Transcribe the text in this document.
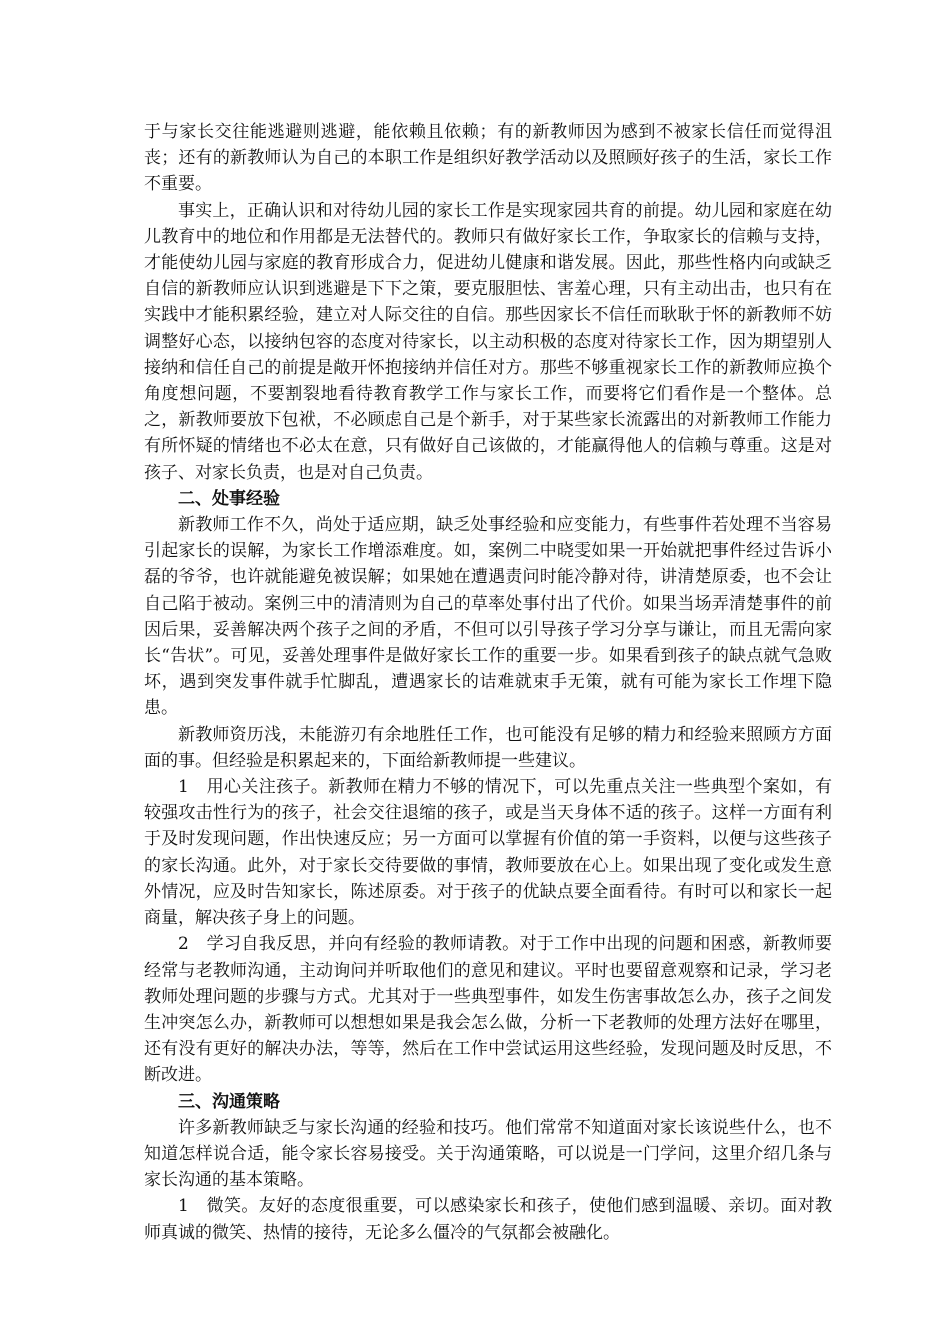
于与家长交往能逃避则逃避，能依赖且依赖；有的新教师因为感到不被家长信任而觉得沮丧；还有的新教师认为自己的本职工作是组织好教学活动以及照顾好孩子的生活，家长工作不重要。

事实上，正确认识和对待幼儿园的家长工作是实现家园共育的前提。幼儿园和家庭在幼儿教育中的地位和作用都是无法替代的。教师只有做好家长工作，争取家长的信赖与支持，才能使幼儿园与家庭的教育形成合力，促进幼儿健康和谐发展。因此，那些性格内向或缺乏自信的新教师应认识到逃避是下下之策，要克服胆怯、害羞心理，只有主动出击，也只有在实践中才能积累经验，建立对人际交往的自信。那些因家长不信任而耿耿于怀的新教师不妨调整好心态，以接纳包容的态度对待家长，以主动积极的态度对待家长工作，因为期望别人接纳和信任自己的前提是敞开怀抱接纳并信任对方。那些不够重视家长工作的新教师应换个角度想问题，不要割裂地看待教育教学工作与家长工作，而要将它们看作是一个整体。总之，新教师要放下包袱，不必顾虑自己是个新手，对于某些家长流露出的对新教师工作能力有所怀疑的情绪也不必太在意，只有做好自己该做的，才能赢得他人的信赖与尊重。这是对孩子、对家长负责，也是对自己负责。

二、处事经验

新教师工作不久，尚处于适应期，缺乏处事经验和应变能力，有些事件若处理不当容易引起家长的误解，为家长工作增添难度。如，案例二中晓雯如果一开始就把事件经过告诉小磊的爷爷，也许就能避免被误解；如果她在遭遇责问时能冷静对待，讲清楚原委，也不会让自己陷于被动。案例三中的清清则为自己的草率处事付出了代价。如果当场弄清楚事件的前因后果，妥善解决两个孩子之间的矛盾，不但可以引导孩子学习分享与谦让，而且无需向家长“告状”。可见，妥善处理事件是做好家长工作的重要一步。如果看到孩子的缺点就气急败坏，遇到突发事件就手忙脚乱，遭遇家长的诘难就束手无策，就有可能为家长工作埋下隐患。

新教师资历浅，未能游刃有余地胜任工作，也可能没有足够的精力和经验来照顾方方面面的事。但经验是积累起来的，下面给新教师提一些建议。

1　用心关注孩子。新教师在精力不够的情况下，可以先重点关注一些典型个案如，有较强攻击性行为的孩子，社会交往退缩的孩子，或是当天身体不适的孩子。这样一方面有利于及时发现问题，作出快速反应；另一方面可以掌握有价值的第一手资料，以便与这些孩子的家长沟通。此外，对于家长交待要做的事情，教师要放在心上。如果出现了变化或发生意外情况，应及时告知家长，陈述原委。对于孩子的优缺点要全面看待。有时可以和家长一起商量，解决孩子身上的问题。

2　学习自我反思，并向有经验的教师请教。对于工作中出现的问题和困惑，新教师要经常与老教师沟通，主动询问并听取他们的意见和建议。平时也要留意观察和记录，学习老教师处理问题的步骤与方式。尤其对于一些典型事件，如发生伤害事故怎么办，孩子之间发生冲突怎么办，新教师可以想想如果是我会怎么做，分析一下老教师的处理方法好在哪里，还有没有更好的解决办法，等等，然后在工作中尝试运用这些经验，发现问题及时反思，不断改进。

三、沟通策略

许多新教师缺乏与家长沟通的经验和技巧。他们常常不知道面对家长该说些什么，也不知道怎样说合适，能令家长容易接受。关于沟通策略，可以说是一门学问，这里介绍几条与家长沟通的基本策略。

1　微笑。友好的态度很重要，可以感染家长和孩子，使他们感到温暖、亲切。面对教师真诚的微笑、热情的接待，无论多么僵冷的气氛都会被融化。
